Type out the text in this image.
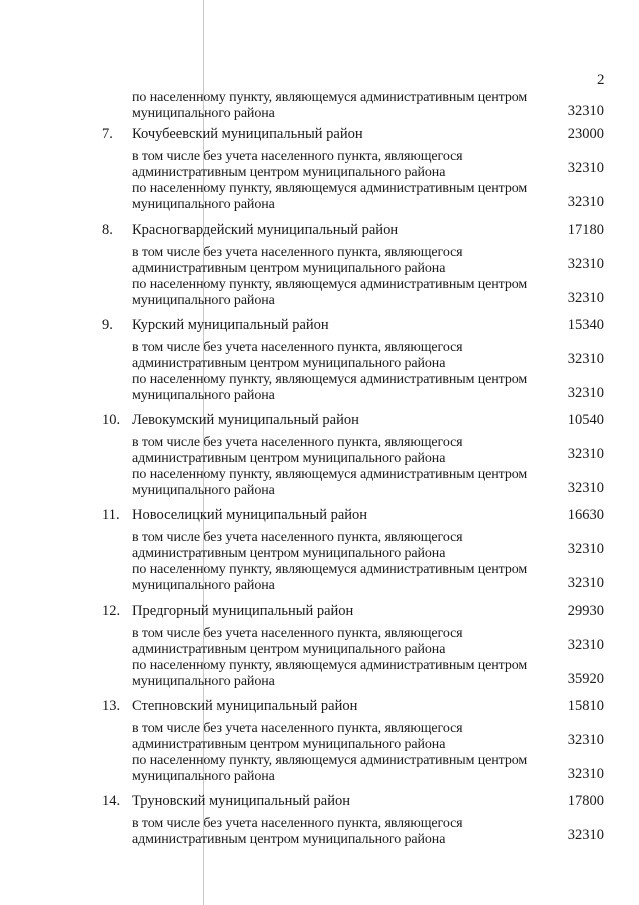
2
по населенному пункту, являющемуся административным центром муниципального района	32310
7.	Кочубеевский муниципальный район	23000
в том числе без учета населенного пункта, являющегося административным центром муниципального района	32310
по населенному пункту, являющемуся административным центром муниципального района	32310
8.	Красногвардейский муниципальный район	17180
в том числе без учета населенного пункта, являющегося административным центром муниципального района	32310
по населенному пункту, являющемуся административным центром муниципального района	32310
9.	Курский муниципальный район	15340
в том числе без учета населенного пункта, являющегося административным центром муниципального района	32310
по населенному пункту, являющемуся административным центром муниципального района	32310
10. Левокумский муниципальный район	10540
в том числе без учета населенного пункта, являющегося административным центром муниципального района	32310
по населенному пункту, являющемуся административным центром муниципального района	32310
11. Новоселицкий муниципальный район	16630
в том числе без учета населенного пункта, являющегося административным центром муниципального района	32310
по населенному пункту, являющемуся административным центром муниципального района	32310
12. Предгорный муниципальный район	29930
в том числе без учета населенного пункта, являющегося административным центром муниципального района	32310
по населенному пункту, являющемуся административным центром муниципального района	35920
13. Степновский муниципальный район	15810
в том числе без учета населенного пункта, являющегося административным центром муниципального района	32310
по населенному пункту, являющемуся административным центром муниципального района	32310
14. Труновский муниципальный район	17800
в том числе без учета населенного пункта, являющегося административным центром муниципального района	32310
